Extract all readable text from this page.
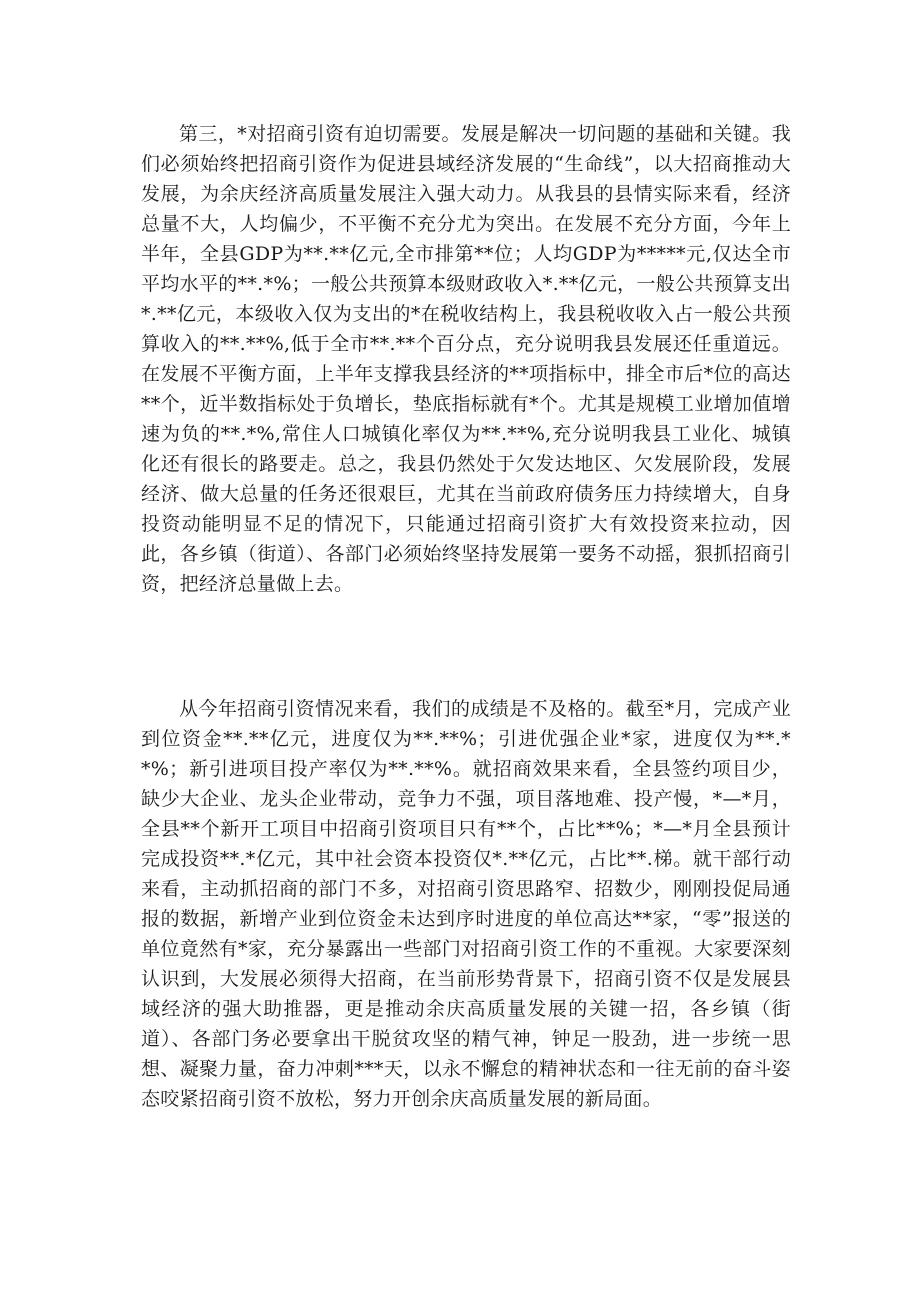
第三，*对招商引资有迫切需要。发展是解决一切问题的基础和关键。我们必须始终把招商引资作为促进县域经济发展的“生命线”，以大招商推动大发展，为余庆经济高质量发展注入强大动力。从我县的县情实际来看，经济总量不大，人均偏少，不平衡不充分尤为突出。在发展不充分方面，今年上半年，全县GDP为**.**亿元,全市排第**位；人均GDP为*****元,仅达全市平均水平的**.*%；一般公共预算本级财政收入*.**亿元，一般公共预算支出*.**亿元，本级收入仅为支出的*在税收结构上，我县税收收入占一般公共预算收入的**.**%,低于全市**.**个百分点，充分说明我县发展还任重道远。在发展不平衡方面，上半年支撑我县经济的**项指标中，排全市后*位的高达**个，近半数指标处于负增长，垫底指标就有*个。尤其是规模工业增加值增速为负的**.*%,常住人口城镇化率仅为**.**%,充分说明我县工业化、城镇化还有很长的路要走。总之，我县仍然处于欠发达地区、欠发展阶段，发展经济、做大总量的任务还很艰巨，尤其在当前政府债务压力持续增大，自身投资动能明显不足的情况下，只能通过招商引资扩大有效投资来拉动，因此，各乡镇（街道）、各部门必须始终坚持发展第一要务不动摇，狠抓招商引资，把经济总量做上去。

从今年招商引资情况来看，我们的成绩是不及格的。截至*月，完成产业到位资金**.**亿元，进度仅为**.**%；引进优强企业*家，进度仅为**.**%；新引进项目投产率仅为**.**%。就招商效果来看，全县签约项目少，缺少大企业、龙头企业带动，竞争力不强，项目落地难、投产慢，*—*月，全县**个新开工项目中招商引资项目只有**个，占比**%；*—*月全县预计完成投资**.*亿元，其中社会资本投资仅*.**亿元，占比**.梯。就干部行动来看，主动抓招商的部门不多，对招商引资思路窄、招数少，刚刚投促局通报的数据，新增产业到位资金未达到序时进度的单位高达**家，“零”报送的单位竟然有*家，充分暴露出一些部门对招商引资工作的不重视。大家要深刻认识到，大发展必须得大招商，在当前形势背景下，招商引资不仅是发展县域经济的强大助推器，更是推动余庆高质量发展的关键一招，各乡镇（街道）、各部门务必要拿出干脱贫攻坚的精气神，钟足一股劲，进一步统一思想、凝聚力量，奋力冲刺***天，以永不懈怠的精神状态和一往无前的奋斗姿态咬紧招商引资不放松，努力开创余庆高质量发展的新局面。
